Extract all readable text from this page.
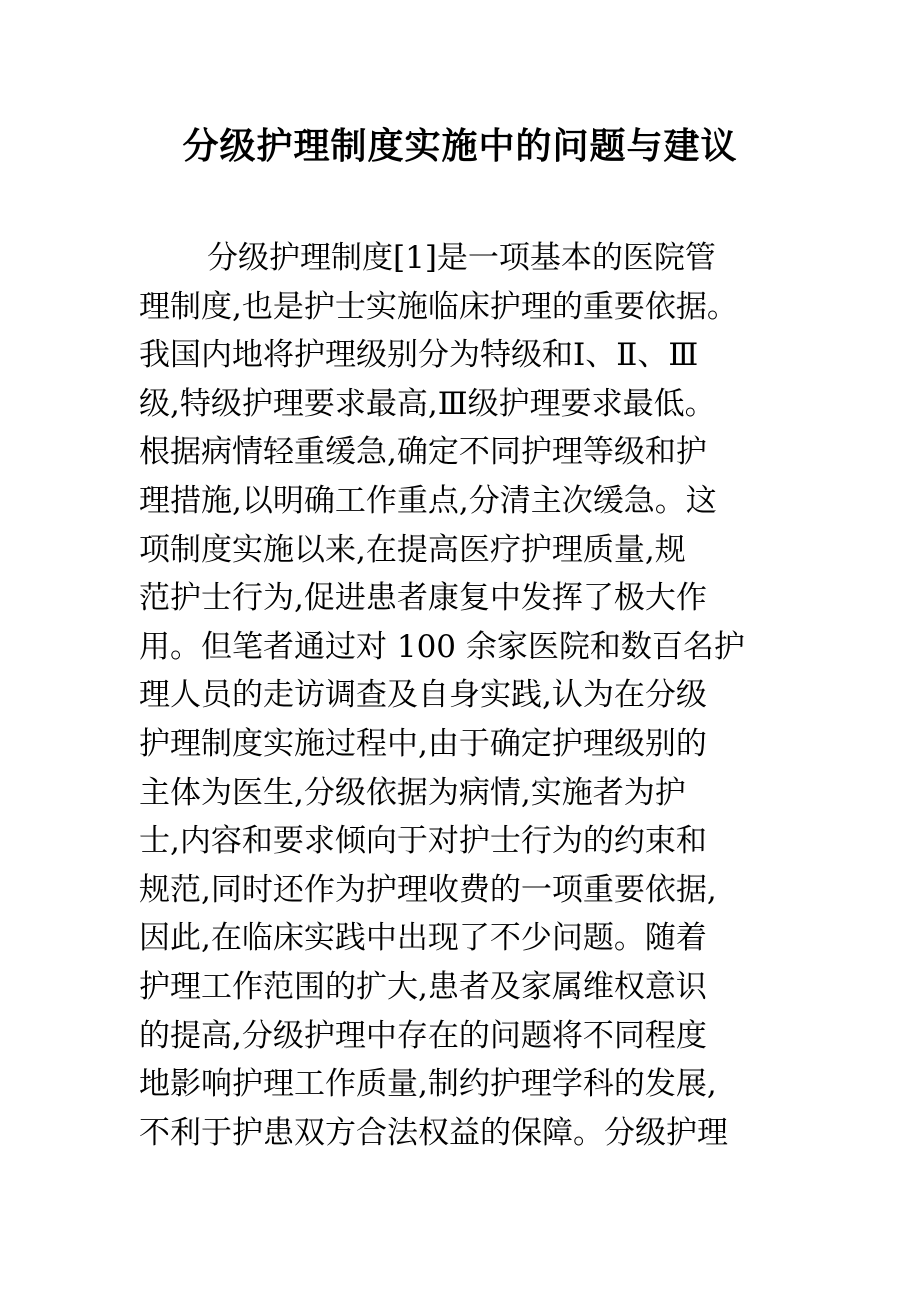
分级护理制度实施中的问题与建议
分级护理制度[1]是一项基本的医院管
理制度,也是护士实施临床护理的重要依据。
我国内地将护理级别分为特级和Ⅰ、Ⅱ、Ⅲ
级,特级护理要求最高,Ⅲ级护理要求最低。
根据病情轻重缓急,确定不同护理等级和护
理措施,以明确工作重点,分清主次缓急。这
项制度实施以来,在提高医疗护理质量,规
范护士行为,促进患者康复中发挥了极大作
用。但笔者通过对 100 余家医院和数百名护
理人员的走访调查及自身实践,认为在分级
护理制度实施过程中,由于确定护理级别的
主体为医生,分级依据为病情,实施者为护
士,内容和要求倾向于对护士行为的约束和
规范,同时还作为护理收费的一项重要依据,
因此,在临床实践中出现了不少问题。随着
护理工作范围的扩大,患者及家属维权意识
的提高,分级护理中存在的问题将不同程度
地影响护理工作质量,制约护理学科的发展,
不利于护患双方合法权益的保障。分级护理
